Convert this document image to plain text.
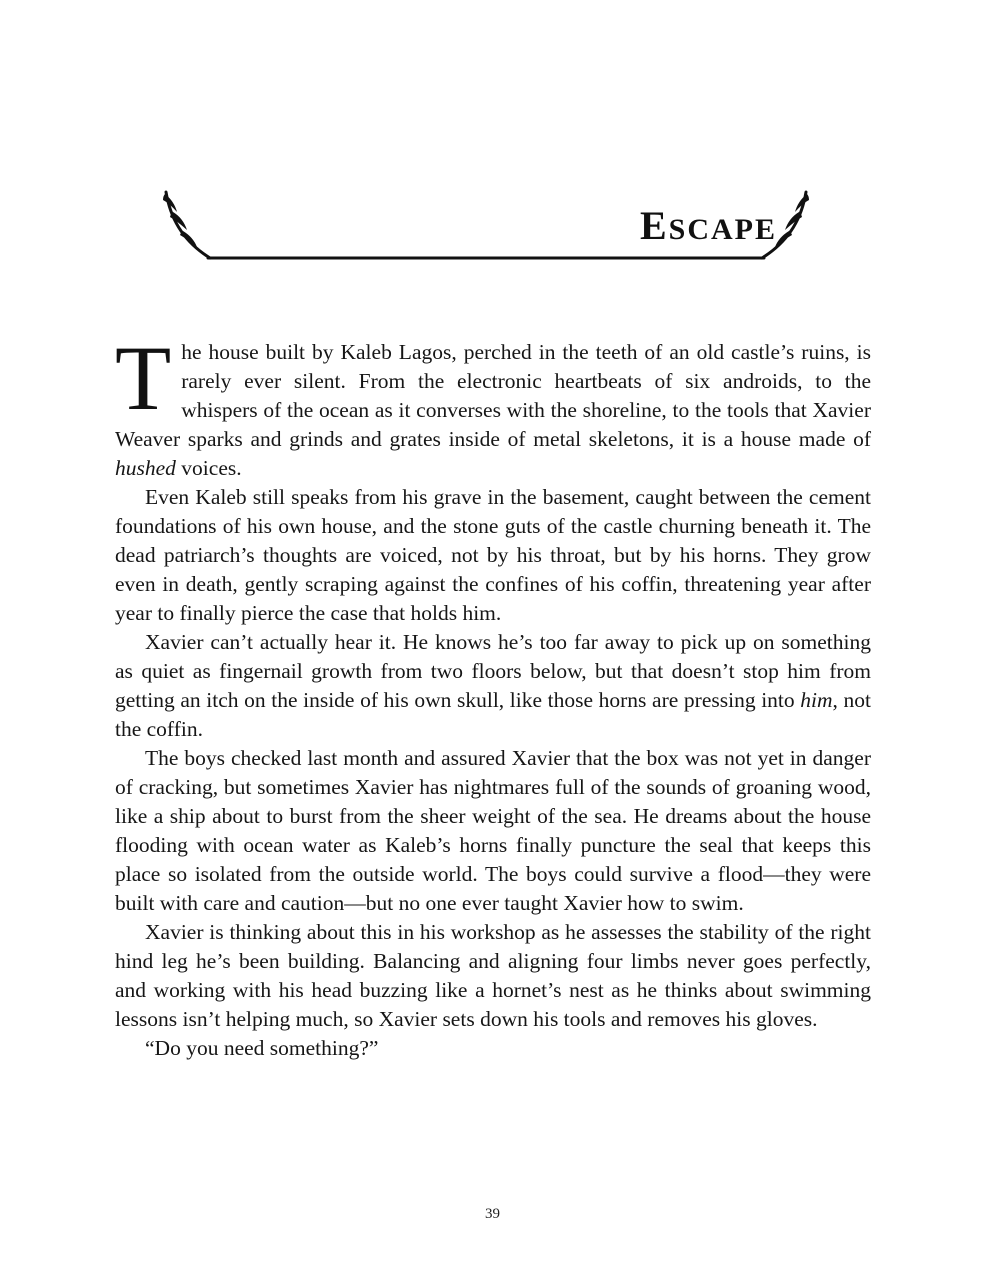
ESCAPE

The house built by Kaleb Lagos, perched in the teeth of an old castle’s ruins, is rarely ever silent. From the electronic heartbeats of six androids, to the whispers of the ocean as it converses with the shoreline, to the tools that Xavier Weaver sparks and grinds and grates inside of metal skeletons, it is a house made of hushed voices.

Even Kaleb still speaks from his grave in the basement, caught between the cement foundations of his own house, and the stone guts of the castle churning beneath it. The dead patriarch’s thoughts are voiced, not by his throat, but by his horns. They grow even in death, gently scraping against the confines of his coffin, threatening year after year to finally pierce the case that holds him.

Xavier can’t actually hear it. He knows he’s too far away to pick up on something as quiet as fingernail growth from two floors below, but that doesn’t stop him from getting an itch on the inside of his own skull, like those horns are pressing into him, not the coffin.

The boys checked last month and assured Xavier that the box was not yet in danger of cracking, but sometimes Xavier has nightmares full of the sounds of groaning wood, like a ship about to burst from the sheer weight of the sea. He dreams about the house flooding with ocean water as Kaleb’s horns finally puncture the seal that keeps this place so isolated from the outside world. The boys could survive a flood—they were built with care and caution—but no one ever taught Xavier how to swim.

Xavier is thinking about this in his workshop as he assesses the stability of the right hind leg he’s been building. Balancing and aligning four limbs never goes perfectly, and working with his head buzzing like a hornet’s nest as he thinks about swimming lessons isn’t helping much, so Xavier sets down his tools and removes his gloves.

“Do you need something?”

39
